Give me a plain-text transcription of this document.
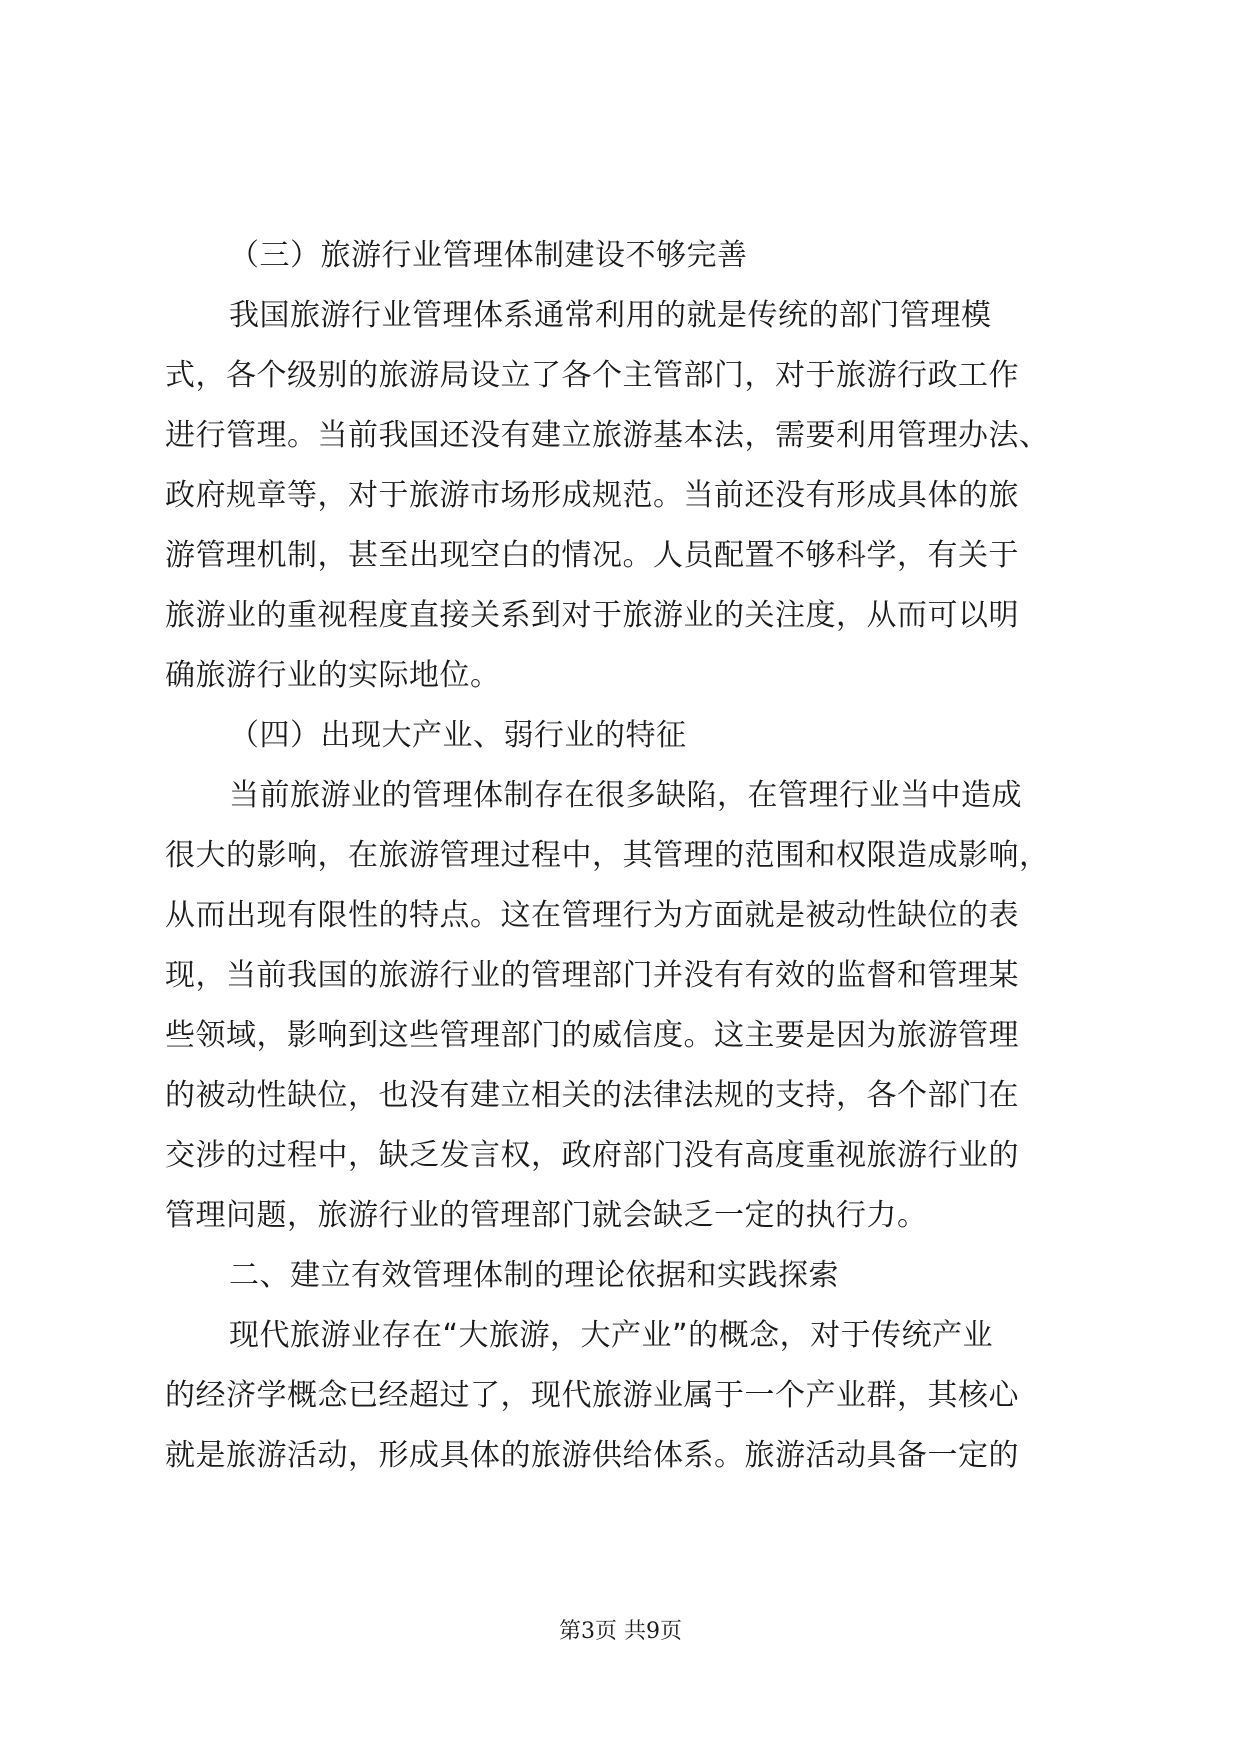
（三）旅游行业管理体制建设不够完善
我国旅游行业管理体系通常利用的就是传统的部门管理模
式，各个级别的旅游局设立了各个主管部门，对于旅游行政工作
进行管理。当前我国还没有建立旅游基本法，需要利用管理办法、
政府规章等，对于旅游市场形成规范。当前还没有形成具体的旅
游管理机制，甚至出现空白的情况。人员配置不够科学，有关于
旅游业的重视程度直接关系到对于旅游业的关注度，从而可以明
确旅游行业的实际地位。
（四）出现大产业、弱行业的特征
当前旅游业的管理体制存在很多缺陷，在管理行业当中造成
很大的影响，在旅游管理过程中，其管理的范围和权限造成影响，
从而出现有限性的特点。这在管理行为方面就是被动性缺位的表
现，当前我国的旅游行业的管理部门并没有有效的监督和管理某
些领域，影响到这些管理部门的威信度。这主要是因为旅游管理
的被动性缺位，也没有建立相关的法律法规的支持，各个部门在
交涉的过程中，缺乏发言权，政府部门没有高度重视旅游行业的
管理问题，旅游行业的管理部门就会缺乏一定的执行力。
二、建立有效管理体制的理论依据和实践探索
现代旅游业存在“大旅游，大产业”的概念，对于传统产业
的经济学概念已经超过了，现代旅游业属于一个产业群，其核心
就是旅游活动，形成具体的旅游供给体系。旅游活动具备一定的
第3页 共9页
